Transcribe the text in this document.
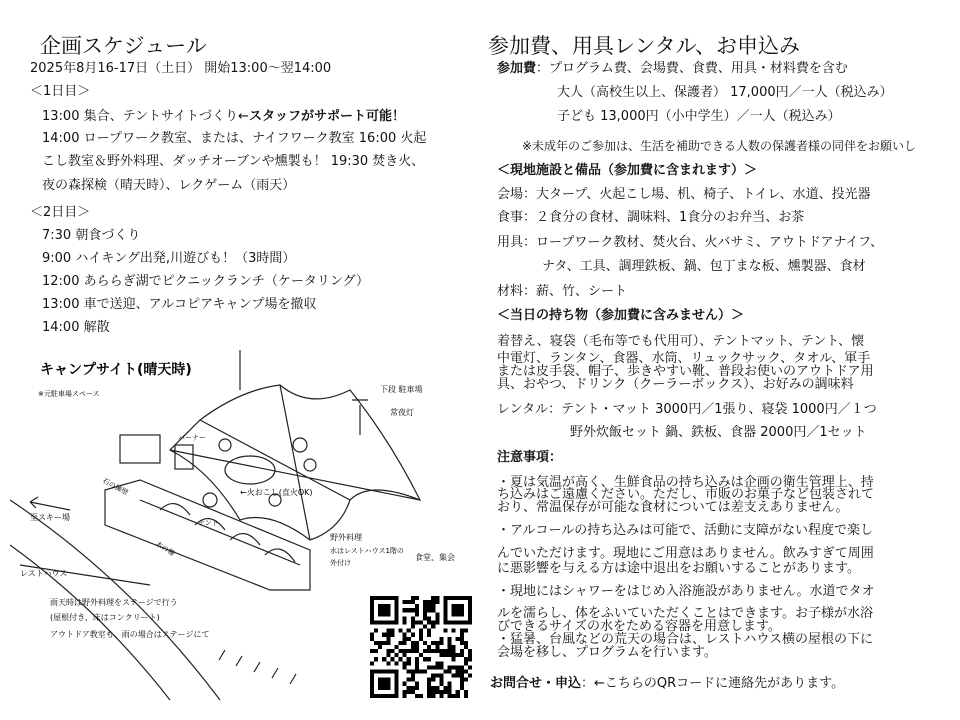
企画スケジュール
2025年8月16-17日（土日） 開始13:00〜翌14:00
＜1日目＞
13:00 集合、テントサイトづくり←スタッフがサポート可能！
14:00 ロープワーク教室、または、ナイフワーク教室 16:00 火起
こし教室＆野外料理、ダッチオーブンや燻製も！ 19:30 焚き火、
夜の森探検（晴天時）、レクゲーム（雨天）
＜2日目＞
7:30 朝食づくり
9:00 ハイキング出発,川遊びも！（3時間）
12:00 あららぎ湖でピクニックランチ（ケータリング）
13:00 車で送迎、アルコピアキャンプ場を撤収
14:00 解散
キャンプサイト(晴天時)
※元駐車場スペース	下段 駐車場
常夜灯
バーナー
テント
←火おこし(直火OK)
至スキー場
レストハウス
野外料理
水はレストハウス1階の
外付け
食堂、集会
雨天時は野外料理をステージで行う
(屋根付き、床はコンクリート)
アウトドア教室も、雨の場合はステージにて
石の擁壁
木の柵
参加費、用具レンタル、お申込み
参加費：プログラム費、会場費、食費、用具・材料費を含む
大人（高校生以上、保護者） 17,000円／一人（税込み）
子ども 13,000円（小中学生）／一人（税込み）
※未成年のご参加は、生活を補助できる人数の保護者様の同伴をお願いし
＜現地施設と備品（参加費に含まれます）＞
会場：大タープ、火起こし場、机、椅子、トイレ、水道、投光器
食事：２食分の食材、調味料、1食分のお弁当、お茶
用具：ロープワーク教材、焚火台、火バサミ、アウトドアナイフ、
ナタ、工具、調理鉄板、鍋、包丁まな板、燻製器、食材
材料：薪、竹、シート
＜当日の持ち物（参加費に含みません）＞
着替え、寝袋（毛布等でも代用可）、テントマット、テント、懐
中電灯、ランタン、食器、水筒、リュックサック、タオル、軍手
または皮手袋、帽子、歩きやすい靴、普段お使いのアウトドア用
具、おやつ、ドリンク（クーラーボックス）、お好みの調味料
レンタル：テント・マット 3000円／1張り、寝袋 1000円／１つ
野外炊飯セット 鍋、鉄板、食器 2000円／1セット
注意事項：
・夏は気温が高く、生鮮食品の持ち込みは企画の衛生管理上、持
ち込みはご遠慮ください。ただし、市販のお菓子など包装されて
おり、常温保存が可能な食材については差支えありません。
・アルコールの持ち込みは可能で、活動に支障がない程度で楽し
んでいただけます。現地にご用意はありません。飲みすぎて周囲
に悪影響を与える方は途中退出をお願いすることがあります。
・現地にはシャワーをはじめ入浴施設がありません。水道でタオ
ルを濡らし、体をふいていただくことはできます。お子様が水浴
びできるサイズの水をためる容器を用意します。
・猛暑、台風などの荒天の場合は、レストハウス横の屋根の下に
会場を移し、プログラムを行います。
お問合せ・申込：←こちらのQRコードに連絡先があります。
